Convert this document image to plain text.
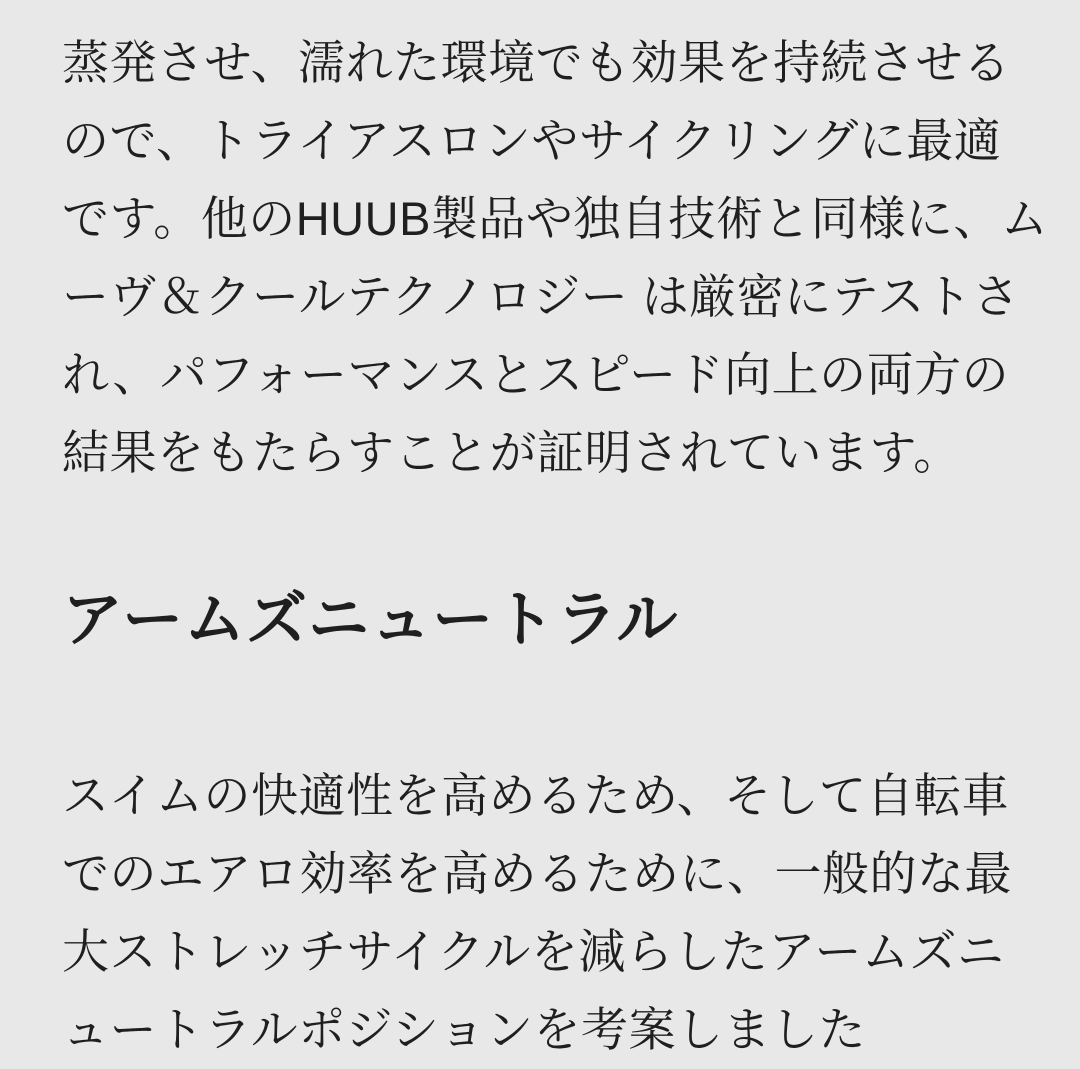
蒸発させ、濡れた環境でも効果を持続させる
ので、トライアスロンやサイクリングに最適
です。他のHUUB製品や独自技術と同様に、ム
ーヴ＆クールテクノロジー は厳密にテストさ
れ、パフォーマンスとスピード向上の両方の
結果をもたらすことが証明されています。
アームズニュートラル
スイムの快適性を高めるため、そして自転車
でのエアロ効率を高めるために、一般的な最
大ストレッチサイクルを減らしたアームズニ
ュートラルポジションを考案しました
